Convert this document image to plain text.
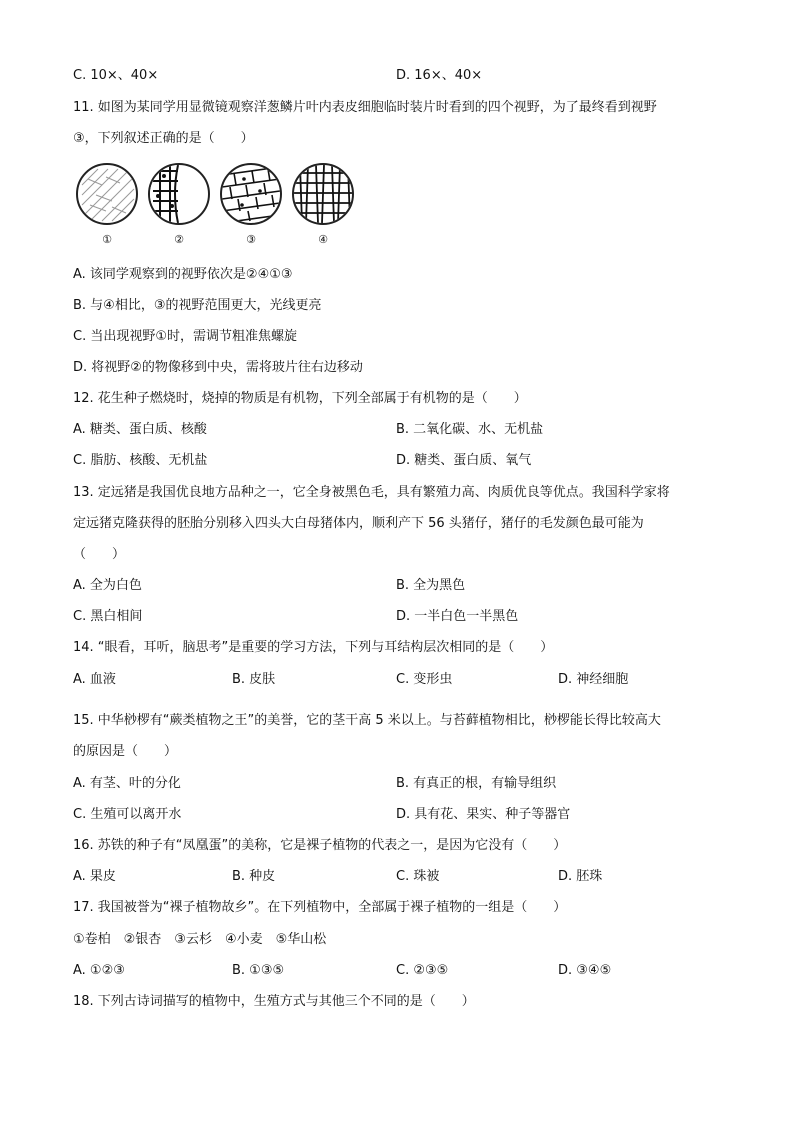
C. 10×、40×	D. 16×、40×
11. 如图为某同学用显微镜观察洋葱鳞片叶内表皮细胞临时装片时看到的四个视野，为了最终看到视野
③，下列叙述正确的是（　　）
①	②	③	④
A. 该同学观察到的视野依次是②④①③
B. 与④相比，③的视野范围更大，光线更亮
C. 当出现视野①时，需调节粗准焦螺旋
D. 将视野②的物像移到中央，需将玻片往右边移动
12. 花生种子燃烧时，烧掉的物质是有机物，下列全部属于有机物的是（　　）
A. 糖类、蛋白质、核酸	B. 二氧化碳、水、无机盐
C. 脂肪、核酸、无机盐	D. 糖类、蛋白质、氧气
13. 定远猪是我国优良地方品种之一，它全身被黑色毛，具有繁殖力高、肉质优良等优点。我国科学家将
定远猪克隆获得的胚胎分别移入四头大白母猪体内，顺利产下 56 头猪仔，猪仔的毛发颜色最可能为
（　　）
A. 全为白色	B. 全为黑色
C. 黑白相间	D. 一半白色一半黑色
14. “眼看，耳听，脑思考”是重要的学习方法，下列与耳结构层次相同的是（　　）
A. 血液	B. 皮肤	C. 变形虫	D. 神经细胞
15. 中华桫椤有“蕨类植物之王”的美誉，它的茎干高 5 米以上。与苔藓植物相比，桫椤能长得比较高大
的原因是（　　）
A. 有茎、叶的分化	B. 有真正的根，有输导组织
C. 生殖可以离开水	D. 具有花、果实、种子等器官
16. 苏铁的种子有“凤凰蛋”的美称，它是裸子植物的代表之一，是因为它没有（　　）
A. 果皮	B. 种皮	C. 珠被	D. 胚珠
17. 我国被誉为“裸子植物故乡”。在下列植物中，全部属于裸子植物的一组是（　　）
①卷柏　②银杏　③云杉　④小麦　⑤华山松
A. ①②③	B. ①③⑤	C. ②③⑤	D. ③④⑤
18. 下列古诗词描写的植物中，生殖方式与其他三个不同的是（　　）
